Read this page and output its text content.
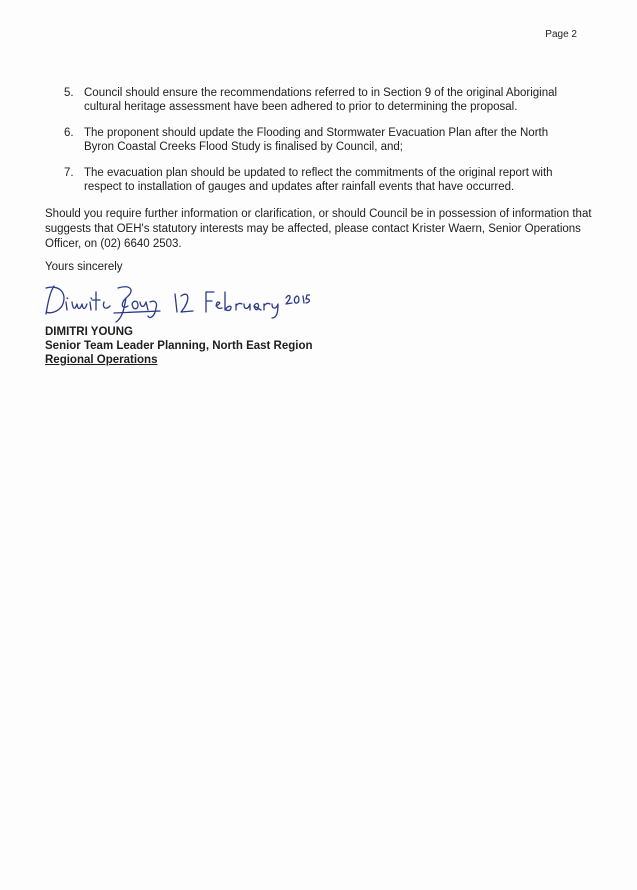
Page 2
5. Council should ensure the recommendations referred to in Section 9 of the original Aboriginal cultural heritage assessment have been adhered to prior to determining the proposal.
6. The proponent should update the Flooding and Stormwater Evacuation Plan after the North Byron Coastal Creeks Flood Study is finalised by Council, and;
7. The evacuation plan should be updated to reflect the commitments of the original report with respect to installation of gauges and updates after rainfall events that have occurred.
Should you require further information or clarification, or should Council be in possession of information that suggests that OEH's statutory interests may be affected, please contact Krister Waern, Senior Operations Officer, on (02) 6640 2503.
Yours sincerely
DIMITRI YOUNG
Senior Team Leader Planning, North East Region
Regional Operations
